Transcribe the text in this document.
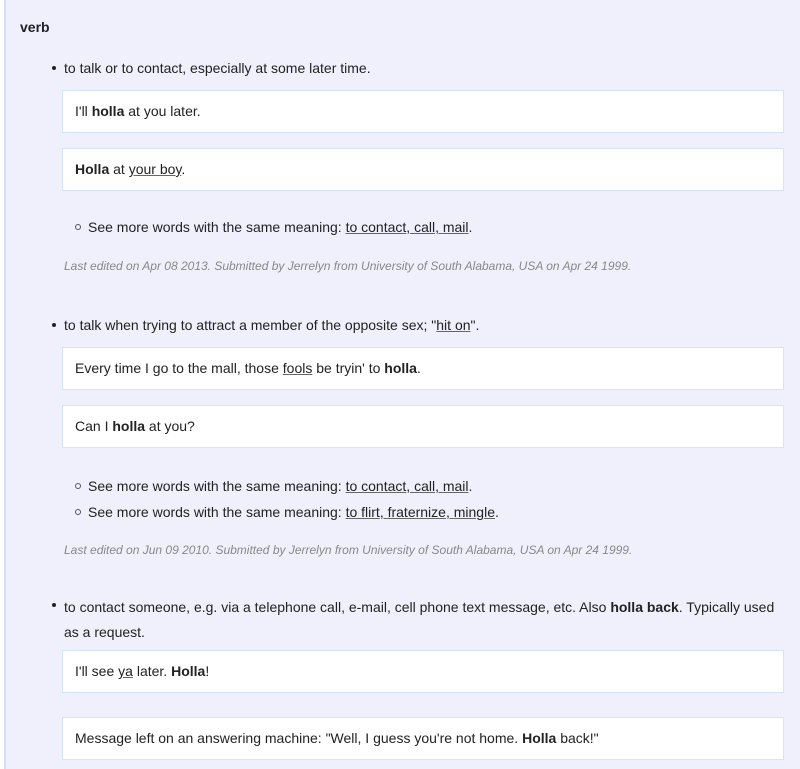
verb
to talk or to contact, especially at some later time.
I'll holla at you later.
Holla at your boy.
See more words with the same meaning: to contact, call, mail.
Last edited on Apr 08 2013. Submitted by Jerrelyn from University of South Alabama, USA on Apr 24 1999.
to talk when trying to attract a member of the opposite sex; "hit on".
Every time I go to the mall, those fools be tryin' to holla.
Can I holla at you?
See more words with the same meaning: to contact, call, mail.
See more words with the same meaning: to flirt, fraternize, mingle.
Last edited on Jun 09 2010. Submitted by Jerrelyn from University of South Alabama, USA on Apr 24 1999.
to contact someone, e.g. via a telephone call, e-mail, cell phone text message, etc. Also holla back. Typically used as a request.
I'll see ya later. Holla!
Message left on an answering machine: "Well, I guess you're not home. Holla back!"
